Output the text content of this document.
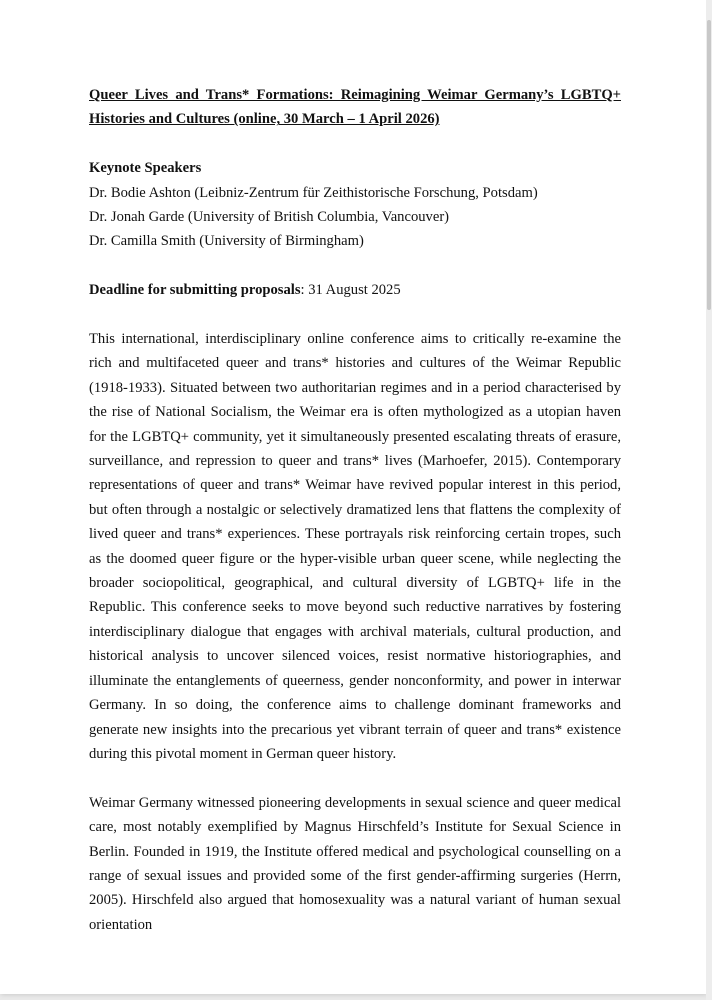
Queer Lives and Trans* Formations: Reimagining Weimar Germany’s LGBTQ+ Histories and Cultures (online, 30 March – 1 April 2026)

Keynote Speakers

Dr. Bodie Ashton (Leibniz-Zentrum für Zeithistorische Forschung, Potsdam)

Dr. Jonah Garde (University of British Columbia, Vancouver)

Dr. Camilla Smith (University of Birmingham)

Deadline for submitting proposals: 31 August 2025

This international, interdisciplinary online conference aims to critically re-examine the rich and multifaceted queer and trans* histories and cultures of the Weimar Republic (1918-1933). Situated between two authoritarian regimes and in a period characterised by the rise of National Socialism, the Weimar era is often mythologized as a utopian haven for the LGBTQ+ community, yet it simultaneously presented escalating threats of erasure, surveillance, and repression to queer and trans* lives (Marhoefer, 2015). Contemporary representations of queer and trans* Weimar have revived popular interest in this period, but often through a nostalgic or selectively dramatized lens that flattens the complexity of lived queer and trans* experiences. These portrayals risk reinforcing certain tropes, such as the doomed queer figure or the hyper-visible urban queer scene, while neglecting the broader sociopolitical, geographical, and cultural diversity of LGBTQ+ life in the Republic. This conference seeks to move beyond such reductive narratives by fostering interdisciplinary dialogue that engages with archival materials, cultural production, and historical analysis to uncover silenced voices, resist normative historiographies, and illuminate the entanglements of queerness, gender nonconformity, and power in interwar Germany. In so doing, the conference aims to challenge dominant frameworks and generate new insights into the precarious yet vibrant terrain of queer and trans* existence during this pivotal moment in German queer history.

Weimar Germany witnessed pioneering developments in sexual science and queer medical care, most notably exemplified by Magnus Hirschfeld’s Institute for Sexual Science in Berlin. Founded in 1919, the Institute offered medical and psychological counselling on a range of sexual issues and provided some of the first gender-affirming surgeries (Herrn, 2005). Hirschfeld also argued that homosexuality was a natural variant of human sexual orientation
